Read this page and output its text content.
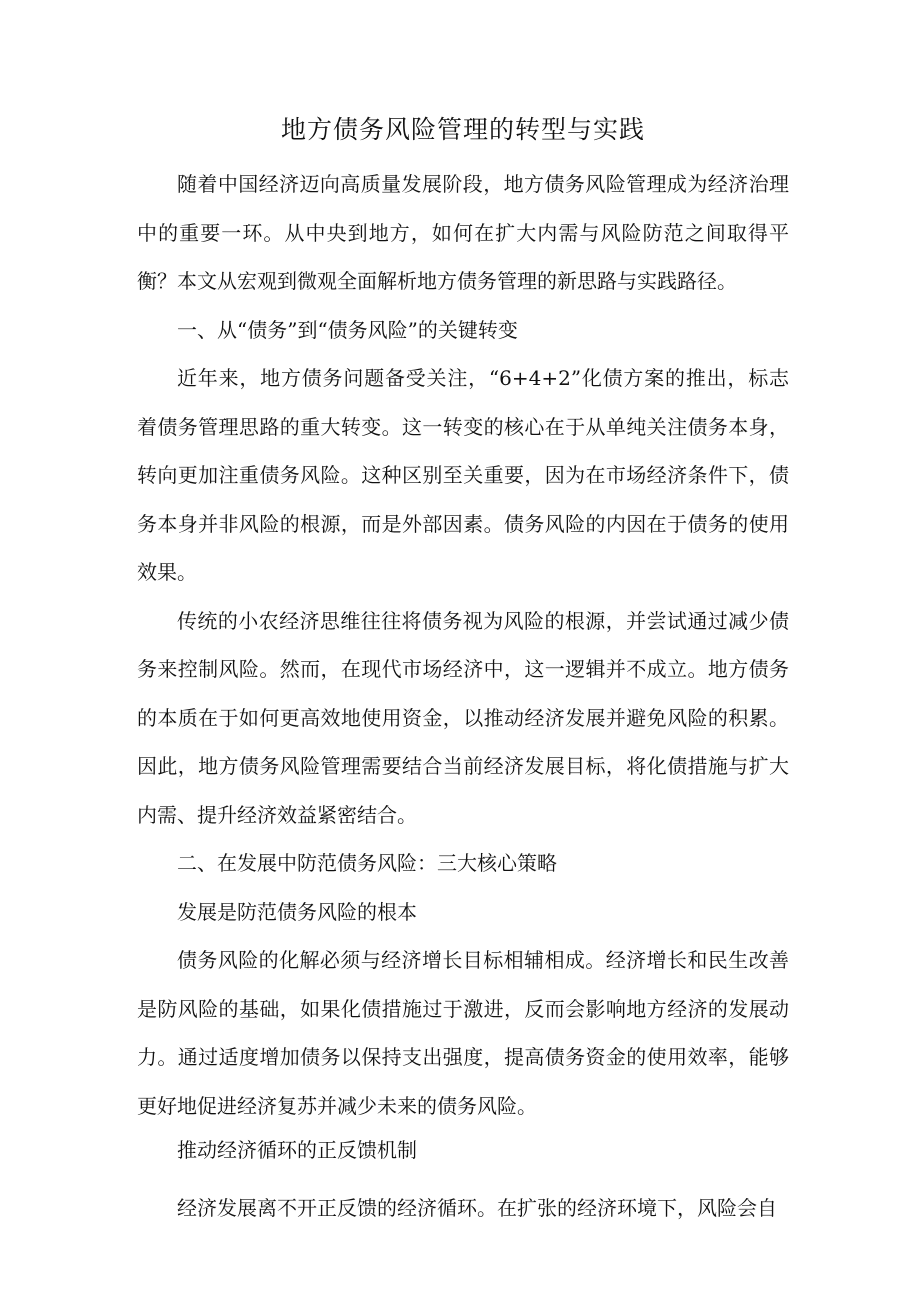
地方债务风险管理的转型与实践

随着中国经济迈向高质量发展阶段，地方债务风险管理成为经济治理中的重要一环。从中央到地方，如何在扩大内需与风险防范之间取得平衡？本文从宏观到微观全面解析地方债务管理的新思路与实践路径。

一、从“债务”到“债务风险”的关键转变

近年来，地方债务问题备受关注，“6+4+2”化债方案的推出，标志着债务管理思路的重大转变。这一转变的核心在于从单纯关注债务本身，转向更加注重债务风险。这种区别至关重要，因为在市场经济条件下，债务本身并非风险的根源，而是外部因素。债务风险的内因在于债务的使用效果。

传统的小农经济思维往往将债务视为风险的根源，并尝试通过减少债务来控制风险。然而，在现代市场经济中，这一逻辑并不成立。地方债务的本质在于如何更高效地使用资金，以推动经济发展并避免风险的积累。因此，地方债务风险管理需要结合当前经济发展目标，将化债措施与扩大内需、提升经济效益紧密结合。

二、在发展中防范债务风险：三大核心策略
发展是防范债务风险的根本

债务风险的化解必须与经济增长目标相辅相成。经济增长和民生改善是防风险的基础，如果化债措施过于激进，反而会影响地方经济的发展动力。通过适度增加债务以保持支出强度，提高债务资金的使用效率，能够更好地促进经济复苏并减少未来的债务风险。

推动经济循环的正反馈机制

经济发展离不开正反馈的经济循环。在扩张的经济环境下，风险会自
